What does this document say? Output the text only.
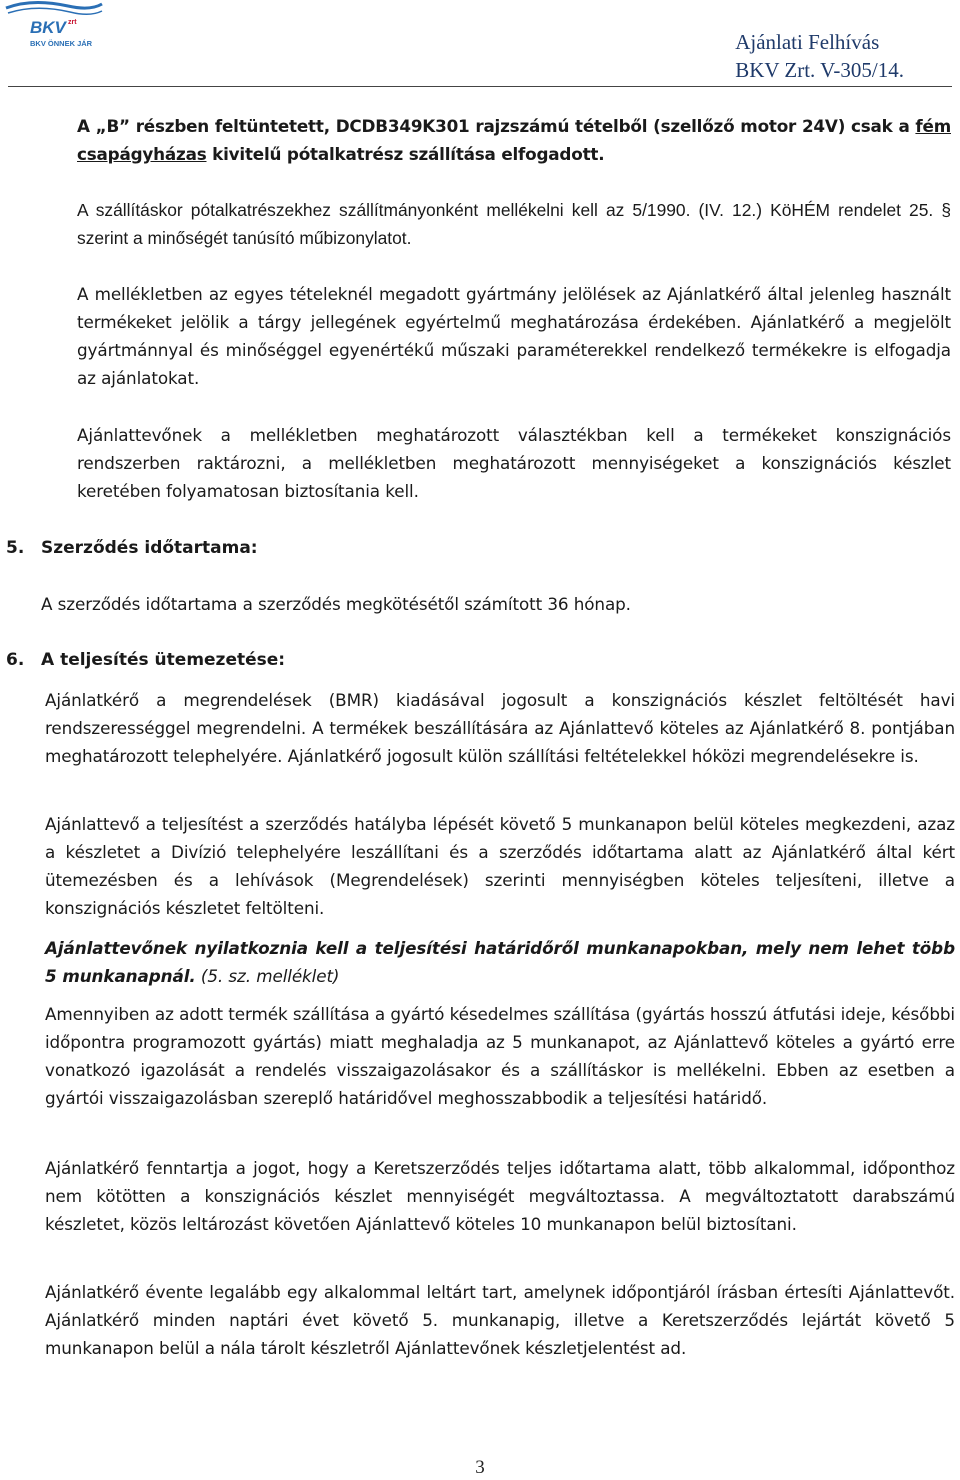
BKV zrt
BKV ÖNNEK JÁR	Ajánlati Felhívás
BKV Zrt. V-305/14.

A „B” részben feltüntetett, DCDB349K301 rajzszámú tételből (szellőző motor 24V) csak a fém csapágyházas kivitelű pótalkatrész szállítása elfogadott.

A szállításkor pótalkatrészekhez szállítmányonként mellékelni kell az 5/1990. (IV. 12.) KöHÉM rendelet 25. § szerint a minőségét tanúsító műbizonylatot.

A mellékletben az egyes tételeknél megadott gyártmány jelölések az Ajánlatkérő által jelenleg használt termékeket jelölik a tárgy jellegének egyértelmű meghatározása érdekében. Ajánlatkérő a megjelölt gyártmánnyal és minőséggel egyenértékű műszaki paraméterekkel rendelkező termékekre is elfogadja az ajánlatokat.

Ajánlattevőnek a mellékletben meghatározott választékban kell a termékeket konszignációs rendszerben raktározni, a mellékletben meghatározott mennyiségeket a konszignációs készlet keretében folyamatosan biztosítania kell.

5. Szerződés időtartama:

A szerződés időtartama a szerződés megkötésétől számított 36 hónap.

6. A teljesítés ütemezetése:

Ajánlatkérő a megrendelések (BMR) kiadásával jogosult a konszignációs készlet feltöltését havi rendszerességgel megrendelni. A termékek beszállítására az Ajánlattevő köteles az Ajánlatkérő 8. pontjában meghatározott telephelyére. Ajánlatkérő jogosult külön szállítási feltételekkel hóközi megrendelésekre is.

Ajánlattevő a teljesítést a szerződés hatályba lépését követő 5 munkanapon belül köteles megkezdeni, azaz a készletet a Divízió telephelyére leszállítani és a szerződés időtartama alatt az Ajánlatkérő által kért ütemezésben és a lehívások (Megrendelések) szerinti mennyiségben köteles teljesíteni, illetve a konszignációs készletet feltölteni.

Ajánlattevőnek nyilatkoznia kell a teljesítési határidőről munkanapokban, mely nem lehet több 5 munkanapnál. (5. sz. melléklet)

Amennyiben az adott termék szállítása a gyártó késedelmes szállítása (gyártás hosszú átfutási ideje, későbbi időpontra programozott gyártás) miatt meghaladja az 5 munkanapot, az Ajánlattevő köteles a gyártó erre vonatkozó igazolását a rendelés visszaigazolásakor és a szállításkor is mellékelni. Ebben az esetben a gyártói visszaigazolásban szereplő határidővel meghosszabbodik a teljesítési határidő.

Ajánlatkérő fenntartja a jogot, hogy a Keretszerződés teljes időtartama alatt, több alkalommal, időponthoz nem kötötten a konszignációs készlet mennyiségét megváltoztassa. A megváltoztatott darabszámú készletet, közös leltározást követően Ajánlattevő köteles 10 munkanapon belül biztosítani.

Ajánlatkérő évente legalább egy alkalommal leltárt tart, amelynek időpontjáról írásban értesíti Ajánlattevőt. Ajánlatkérő minden naptári évet követő 5. munkanapig, illetve a Keretszerződés lejártát követő 5 munkanapon belül a nála tárolt készletről Ajánlattevőnek készletjelentést ad.

3
